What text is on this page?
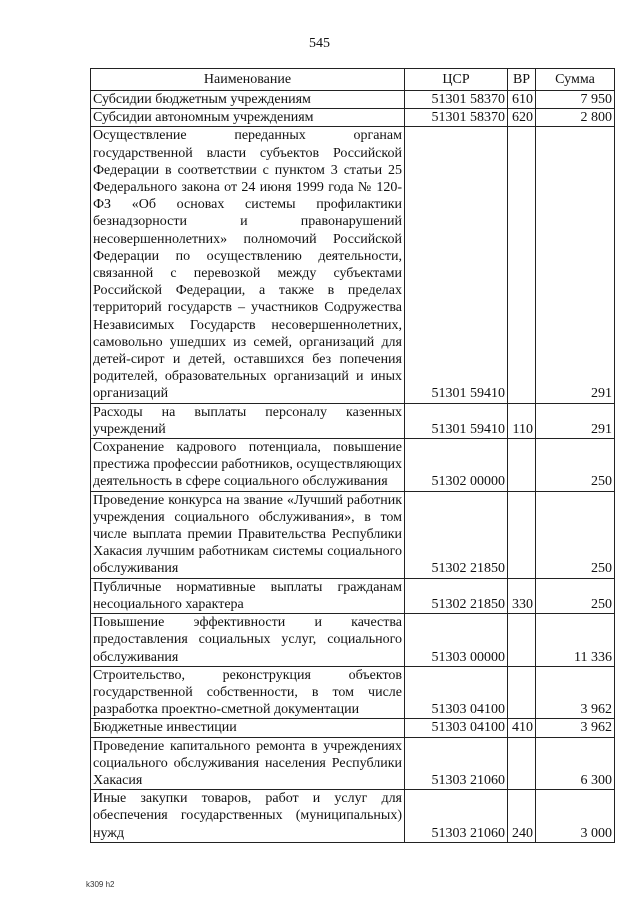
545
Наименование	ЦСР	ВР	Сумма
Субсидии бюджетным учреждениям	51301 58370	610	7 950
Субсидии автономным учреждениям	51301 58370	620	2 800
Осуществление переданных органам государственной власти субъектов Российской Федерации в соответствии с пунктом 3 статьи 25 Федерального закона от 24 июня 1999 года № 120-ФЗ «Об основах системы профилактики безнадзорности и правонарушений несовершеннолетних» полномочий Российской Федерации по осуществлению деятельности, связанной с перевозкой между субъектами Российской Федерации, а также в пределах территорий государств – участников Содружества Независимых Государств несовершеннолетних, самовольно ушедших из семей, организаций для детей-сирот и детей, оставшихся без попечения родителей, образовательных организаций и иных организаций	51301 59410		291
Расходы на выплаты персоналу казенных учреждений	51301 59410	110	291
Сохранение кадрового потенциала, повышение престижа профессии работников, осуществляющих деятельность в сфере социального обслуживания	51302 00000		250
Проведение конкурса на звание «Лучший работник учреждения социального обслуживания», в том числе выплата премии Правительства Республики Хакасия лучшим работникам системы социального обслуживания	51302 21850		250
Публичные нормативные выплаты гражданам несоциального характера	51302 21850	330	250
Повышение эффективности и качества предоставления социальных услуг, социального обслуживания	51303 00000		11 336
Строительство, реконструкция объектов государственной собственности, в том числе разработка проектно-сметной документации	51303 04100		3 962
Бюджетные инвестиции	51303 04100	410	3 962
Проведение капитального ремонта в учреждениях социального обслуживания населения Республики Хакасия	51303 21060		6 300
Иные закупки товаров, работ и услуг для обеспечения государственных (муниципальных) нужд	51303 21060	240	3 000
k309 h2
